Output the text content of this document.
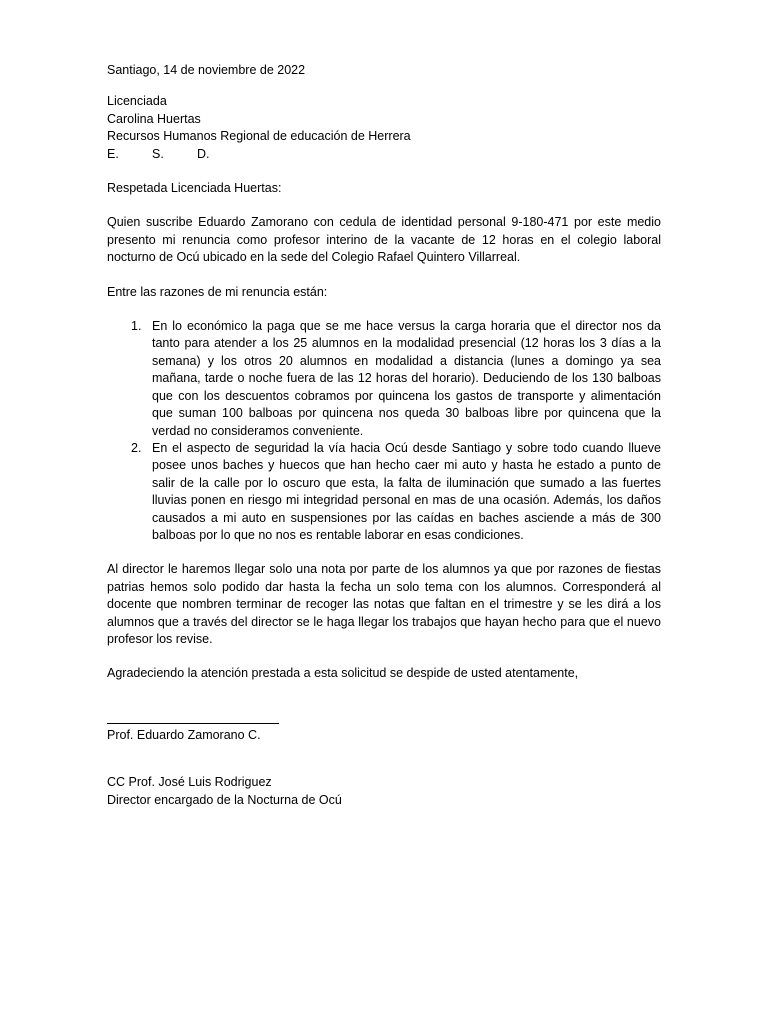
Santiago, 14 de noviembre de 2022

Licenciada

Carolina Huertas

Recursos Humanos Regional de educación de Herrera

E.	S.	D.

Respetada Licenciada Huertas:

Quien suscribe Eduardo Zamorano con cedula de identidad personal 9-180-471 por este medio presento mi renuncia como profesor interino de la vacante de 12 horas en el colegio laboral nocturno de Ocú ubicado en la sede del Colegio Rafael Quintero Villarreal.

Entre las razones de mi renuncia están:

1. En lo económico la paga que se me hace versus la carga horaria que el director nos da tanto para atender a los 25 alumnos en la modalidad presencial (12 horas los 3 días a la semana) y los otros 20 alumnos en modalidad a distancia (lunes a domingo ya sea mañana, tarde o noche fuera de las 12 horas del horario). Deduciendo de los 130 balboas que con los descuentos cobramos por quincena los gastos de transporte y alimentación que suman 100 balboas por quincena nos queda 30 balboas libre por quincena que la verdad no consideramos conveniente.
2. En el aspecto de seguridad la vía hacia Ocú desde Santiago y sobre todo cuando llueve posee unos baches y huecos que han hecho caer mi auto y hasta he estado a punto de salir de la calle por lo oscuro que esta, la falta de iluminación que sumado a las fuertes lluvias ponen en riesgo mi integridad personal en mas de una ocasión. Además, los daños causados a mi auto en suspensiones por las caídas en baches asciende a más de 300 balboas por lo que no nos es rentable laborar en esas condiciones.

Al director le haremos llegar solo una nota por parte de los alumnos ya que por razones de fiestas patrias hemos solo podido dar hasta la fecha un solo tema con los alumnos. Corresponderá al docente que nombren terminar de recoger las notas que faltan en el trimestre y se les dirá a los alumnos que a través del director se le haga llegar los trabajos que hayan hecho para que el nuevo profesor los revise.

Agradeciendo la atención prestada a esta solicitud se despide de usted atentamente,

Prof. Eduardo Zamorano C.

CC Prof. José Luis Rodriguez

Director encargado de la Nocturna de Ocú
